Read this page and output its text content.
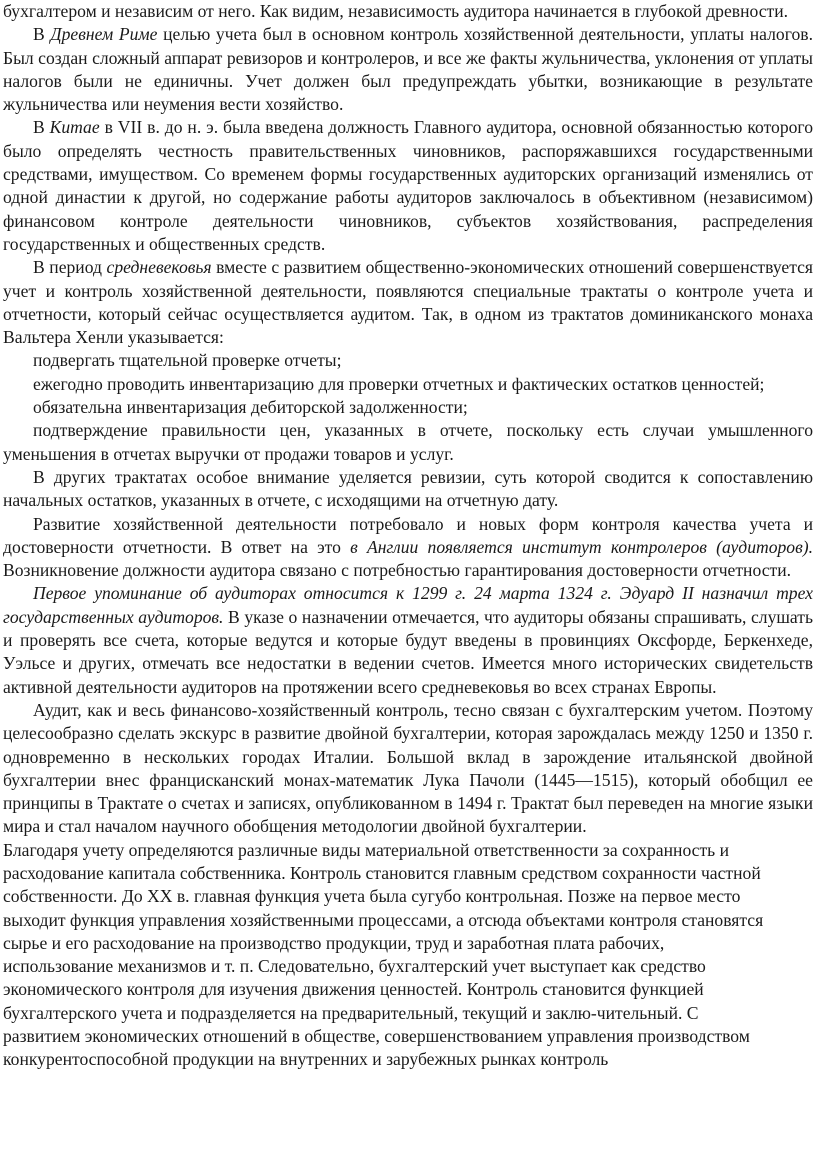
бухгалтером и независим от него. Как видим, независимость аудитора начинается в глубокой древности.

В Древнем Риме целью учета был в основном контроль хозяйственной деятельности, уплаты налогов. Был создан сложный аппарат ревизоров и контролеров, и все же факты жульничества, уклонения от уплаты налогов были не единичны. Учет должен был предупреждать убытки, возникающие в результате жульничества или неумения вести хозяйство.

В Китае в VII в. до н. э. была введена должность Главного аудитора, основной обязанностью которого было определять честность правительственных чиновников, распоряжавшихся государственными средствами, имуществом. Со временем формы государственных аудиторских организаций изменялись от одной династии к другой, но содержание работы аудиторов заключалось в объективном (независимом) финансовом контроле деятельности чиновников, субъектов хозяйствования, распределения государственных и общественных средств.

В период средневековья вместе с развитием общественно-экономических отношений совершенствуется учет и контроль хозяйственной деятельности, появляются специальные трактаты о контроле учета и отчетности, который сейчас осуществляется аудитом. Так, в одном из трактатов доминиканского монаха Вальтера Хенли указывается:

подвергать тщательной проверке отчеты;

ежегодно проводить инвентаризацию для проверки отчетных и фактических остатков ценностей;

обязательна инвентаризация дебиторской задолженности;

подтверждение правильности цен, указанных в отчете, поскольку есть случаи умышленного уменьшения в отчетах выручки от продажи товаров и услуг.

В других трактатах особое внимание уделяется ревизии, суть которой сводится к сопоставлению начальных остатков, указанных в отчете, с исходящими на отчетную дату.

Развитие хозяйственной деятельности потребовало и новых форм контроля качества учета и достоверности отчетности. В ответ на это в Англии появляется институт контролеров (аудиторов). Возникновение должности аудитора связано с потребностью гарантирования достоверности отчетности.

Первое упоминание об аудиторах относится к 1299 г. 24 марта 1324 г. Эдуард II назначил трех государственных аудиторов. В указе о назначении отмечается, что аудиторы обязаны спрашивать, слушать и проверять все счета, которые ведутся и которые будут введены в провинциях Оксфорде, Беркенхеде, Уэльсе и других, отмечать все недостатки в ведении счетов. Имеется много исторических свидетельств активной деятельности аудиторов на протяжении всего средневековья во всех странах Европы.

Аудит, как и весь финансово-хозяйственный контроль, тесно связан с бухгалтерским учетом. Поэтому целесообразно сделать экскурс в развитие двойной бухгалтерии, которая зарождалась между 1250 и 1350 г. одновременно в нескольких городах Италии. Большой вклад в зарождение итальянской двойной бухгалтерии внес францисканский монах-математик Лука Пачоли (1445—1515), который обобщил ее принципы в Трактате о счетах и записях, опубликованном в 1494 г. Трактат был переведен на многие языки мира и стал началом научного обобщения методологии двойной бухгалтерии.

Благодаря учету определяются различные виды материальной ответственности за сохранность и расходование капитала собственника. Контроль становится главным средством сохранности частной собственности. До XX в. главная функция учета была сугубо контрольная. Позже на первое место выходит функция управления хозяйственными процессами, а отсюда объектами контроля становятся сырье и его расходование на производство продукции, труд и заработная плата рабочих, использование механизмов и т. п. Следовательно, бухгалтерский учет выступает как средство экономического контроля для изучения движения ценностей. Контроль становится функцией бухгалтерского учета и подразделяется на предварительный, текущий и заклю-чительный. С развитием экономических отношений в обществе, совершенствованием управления производством конкурентоспособной продукции на внутренних и зарубежных рынках контроль
